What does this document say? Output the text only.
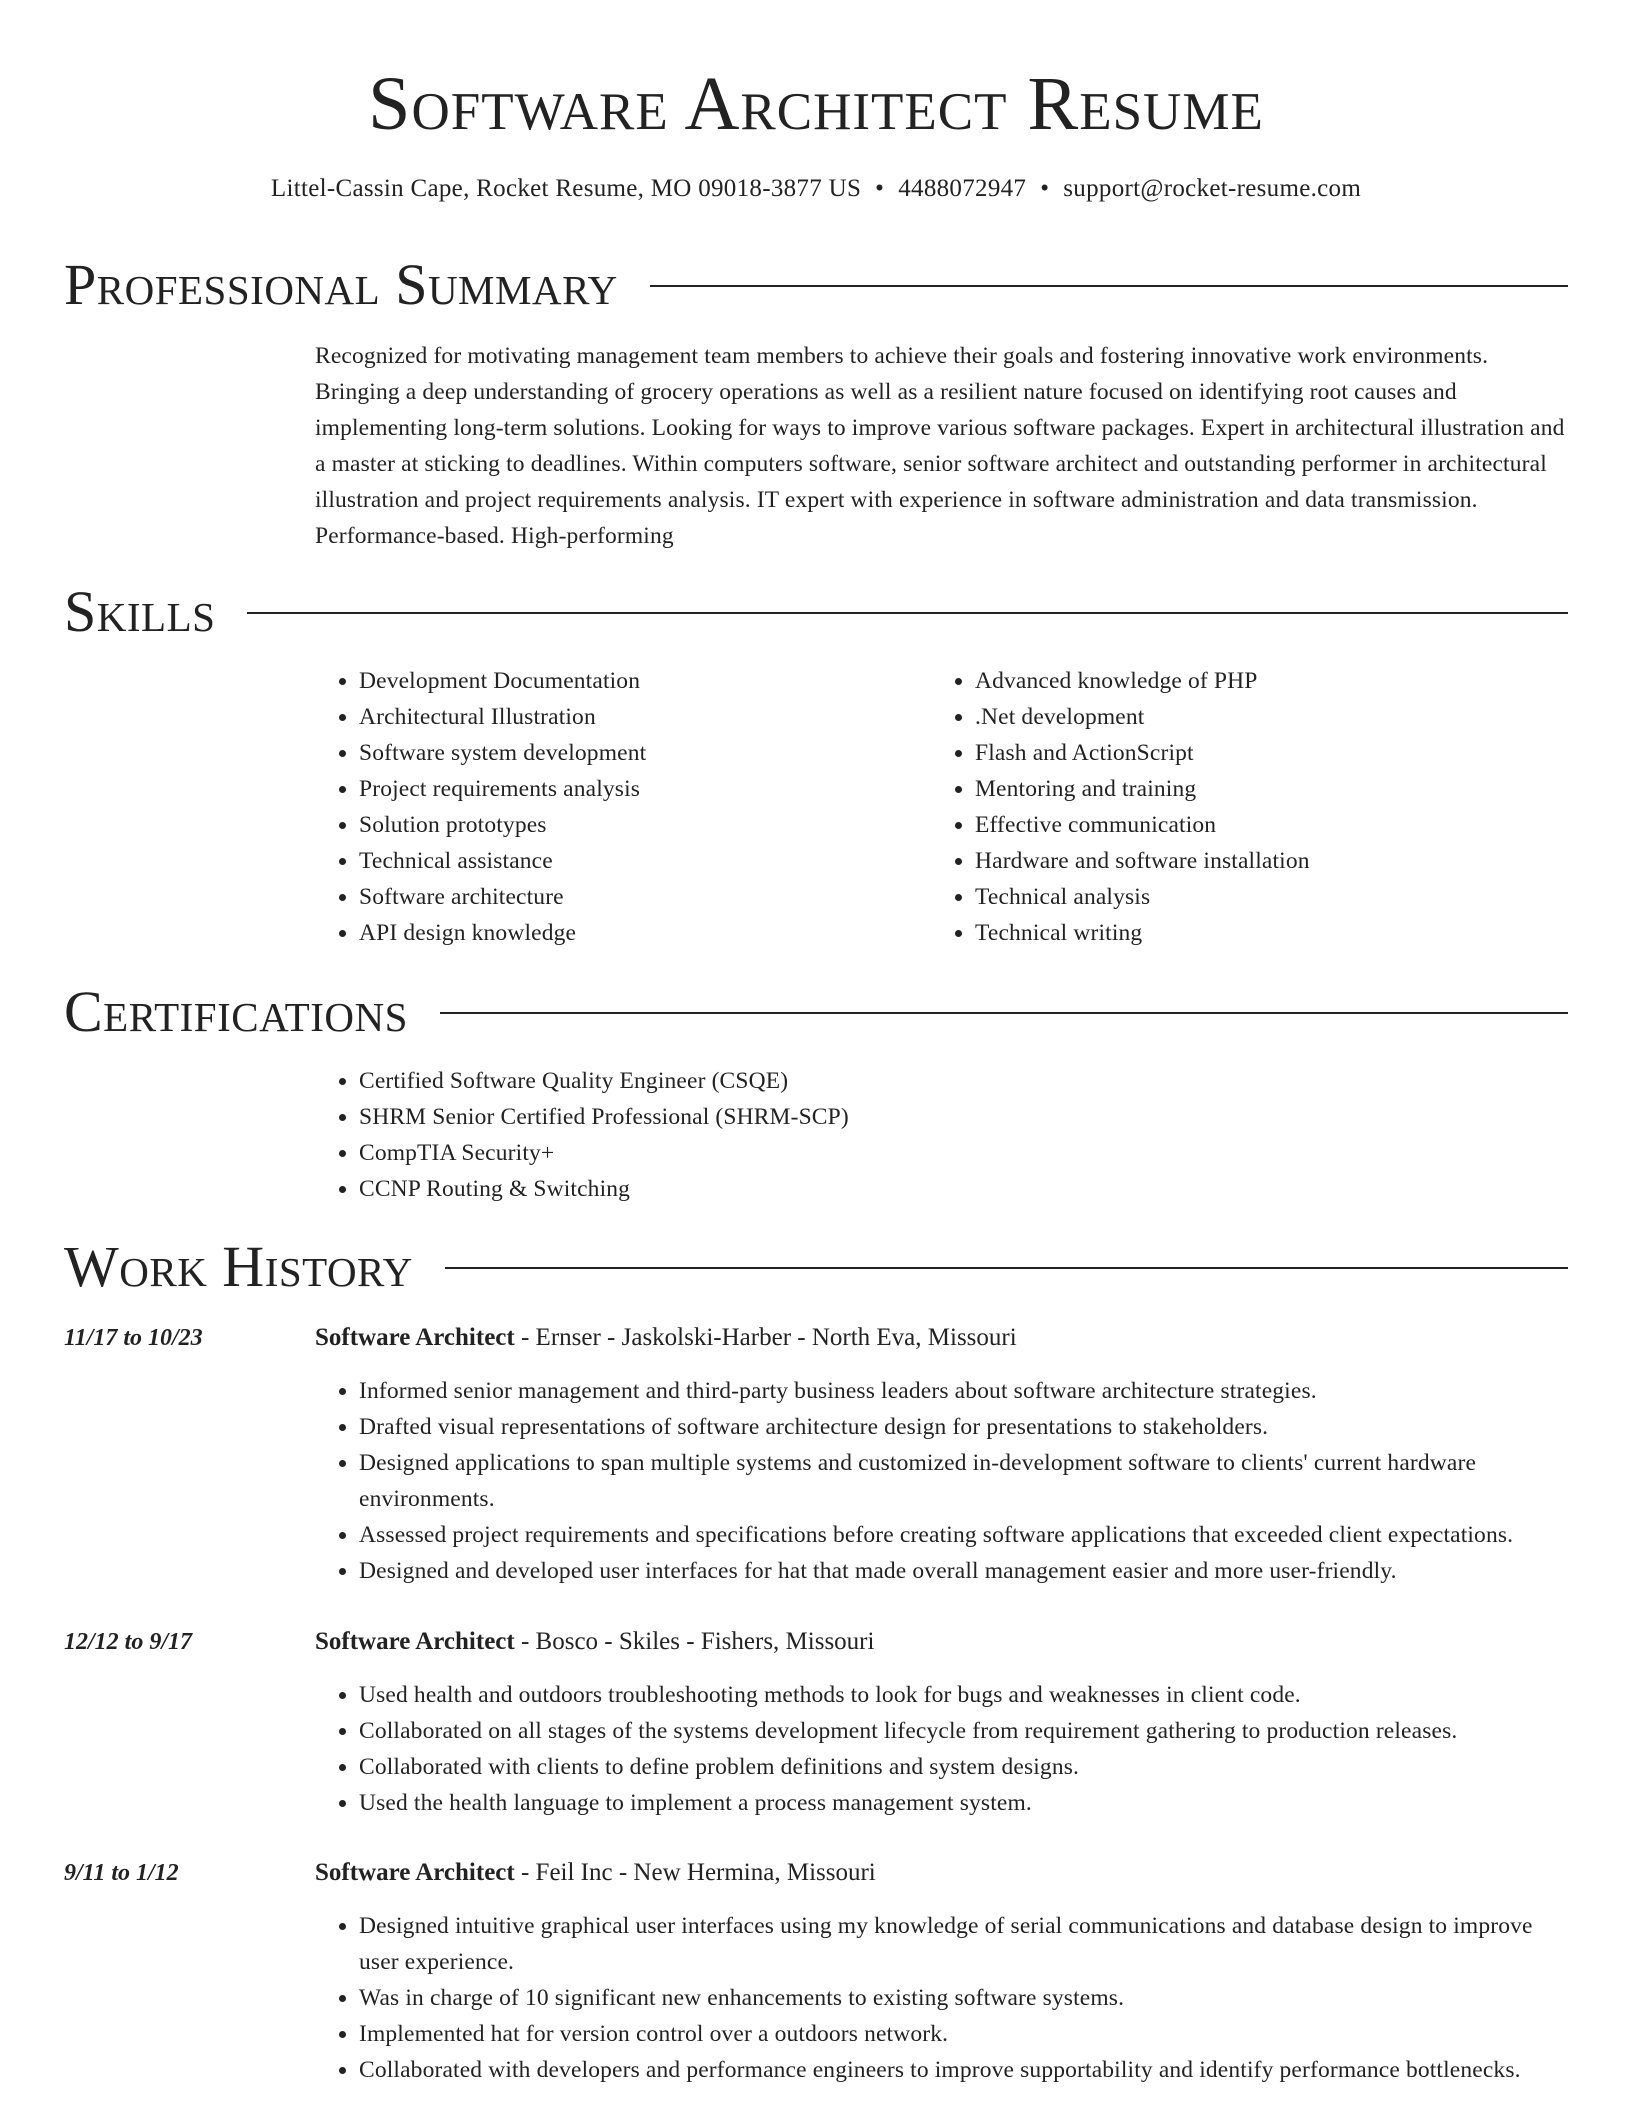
Software Architect Resume
Littel-Cassin Cape, Rocket Resume, MO 09018-3877 US • 4488072947 • support@rocket-resume.com
Professional Summary
Recognized for motivating management team members to achieve their goals and fostering innovative work environments. Bringing a deep understanding of grocery operations as well as a resilient nature focused on identifying root causes and implementing long-term solutions. Looking for ways to improve various software packages. Expert in architectural illustration and a master at sticking to deadlines. Within computers software, senior software architect and outstanding performer in architectural illustration and project requirements analysis. IT expert with experience in software administration and data transmission. Performance-based. High-performing
Skills
• Development Documentation
• Architectural Illustration
• Software system development
• Project requirements analysis
• Solution prototypes
• Technical assistance
• Software architecture
• API design knowledge
• Advanced knowledge of PHP
• .Net development
• Flash and ActionScript
• Mentoring and training
• Effective communication
• Hardware and software installation
• Technical analysis
• Technical writing
Certifications
• Certified Software Quality Engineer (CSQE)
• SHRM Senior Certified Professional (SHRM-SCP)
• CompTIA Security+
• CCNP Routing & Switching
Work History
11/17 to 10/23	Software Architect - Ernser - Jaskolski-Harber - North Eva, Missouri
• Informed senior management and third-party business leaders about software architecture strategies.
• Drafted visual representations of software architecture design for presentations to stakeholders.
• Designed applications to span multiple systems and customized in-development software to clients' current hardware environments.
• Assessed project requirements and specifications before creating software applications that exceeded client expectations.
• Designed and developed user interfaces for hat that made overall management easier and more user-friendly.
12/12 to 9/17	Software Architect - Bosco - Skiles - Fishers, Missouri
• Used health and outdoors troubleshooting methods to look for bugs and weaknesses in client code.
• Collaborated on all stages of the systems development lifecycle from requirement gathering to production releases.
• Collaborated with clients to define problem definitions and system designs.
• Used the health language to implement a process management system.
9/11 to 1/12	Software Architect - Feil Inc - New Hermina, Missouri
• Designed intuitive graphical user interfaces using my knowledge of serial communications and database design to improve user experience.
• Was in charge of 10 significant new enhancements to existing software systems.
• Implemented hat for version control over a outdoors network.
• Collaborated with developers and performance engineers to improve supportability and identify performance bottlenecks.
